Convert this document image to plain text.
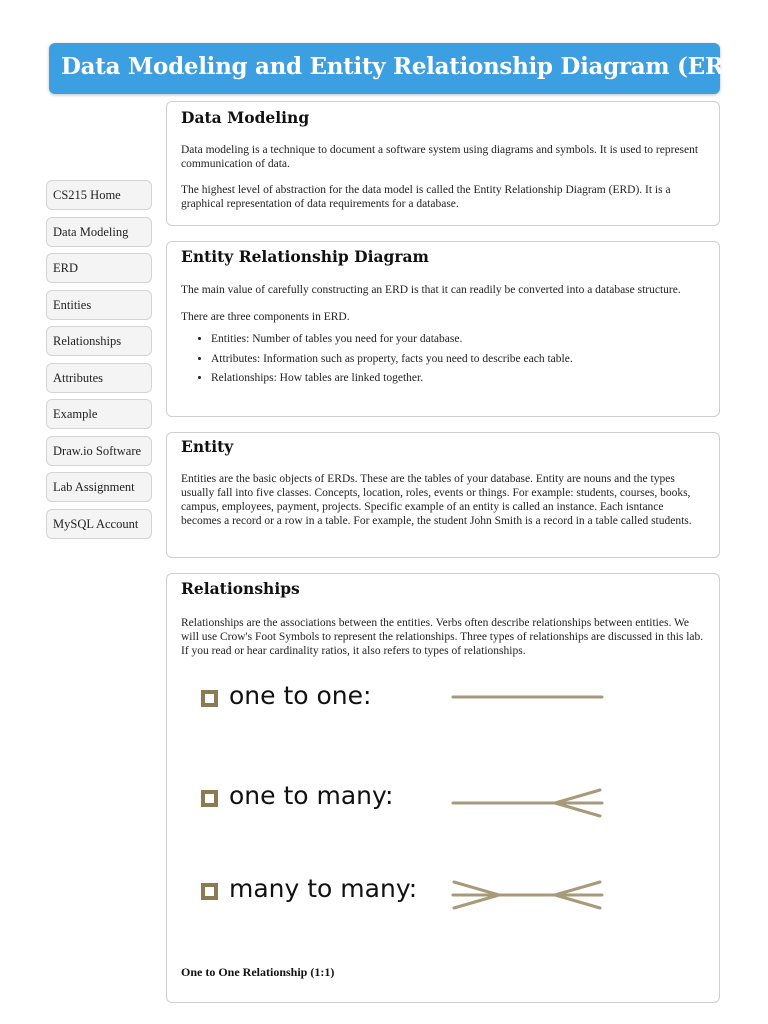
Data Modeling and Entity Relationship Diagram (ERD)
CS215 Home
Data Modeling
ERD
Entities
Relationships
Attributes
Example
Draw.io Software
Lab Assignment
MySQL Account
Data Modeling

Data modeling is a technique to document a software system using diagrams and symbols. It is used to represent communication of data.

The highest level of abstraction for the data model is called the Entity Relationship Diagram (ERD). It is a graphical representation of data requirements for a database.

Entity Relationship Diagram

The main value of carefully constructing an ERD is that it can readily be converted into a database structure.

There are three components in ERD.

• Entities: Number of tables you need for your database.
• Attributes: Information such as property, facts you need to describe each table.
• Relationships: How tables are linked together.
Entity

Entities are the basic objects of ERDs. These are the tables of your database. Entity are nouns and the types usually fall into five classes. Concepts, location, roles, events or things. For example: students, courses, books, campus, employees, payment, projects. Specific example of an entity is called an instance. Each isntance becomes a record or a row in a table. For example, the student John Smith is a record in a table called students.

Relationships

Relationships are the associations between the entities. Verbs often describe relationships between entities. We will use Crow's Foot Symbols to represent the relationships. Three types of relationships are discussed in this lab. If you read or hear cardinality ratios, it also refers to types of relationships.

one to one:
one to many:
many to many:
One to One Relationship (1:1)
